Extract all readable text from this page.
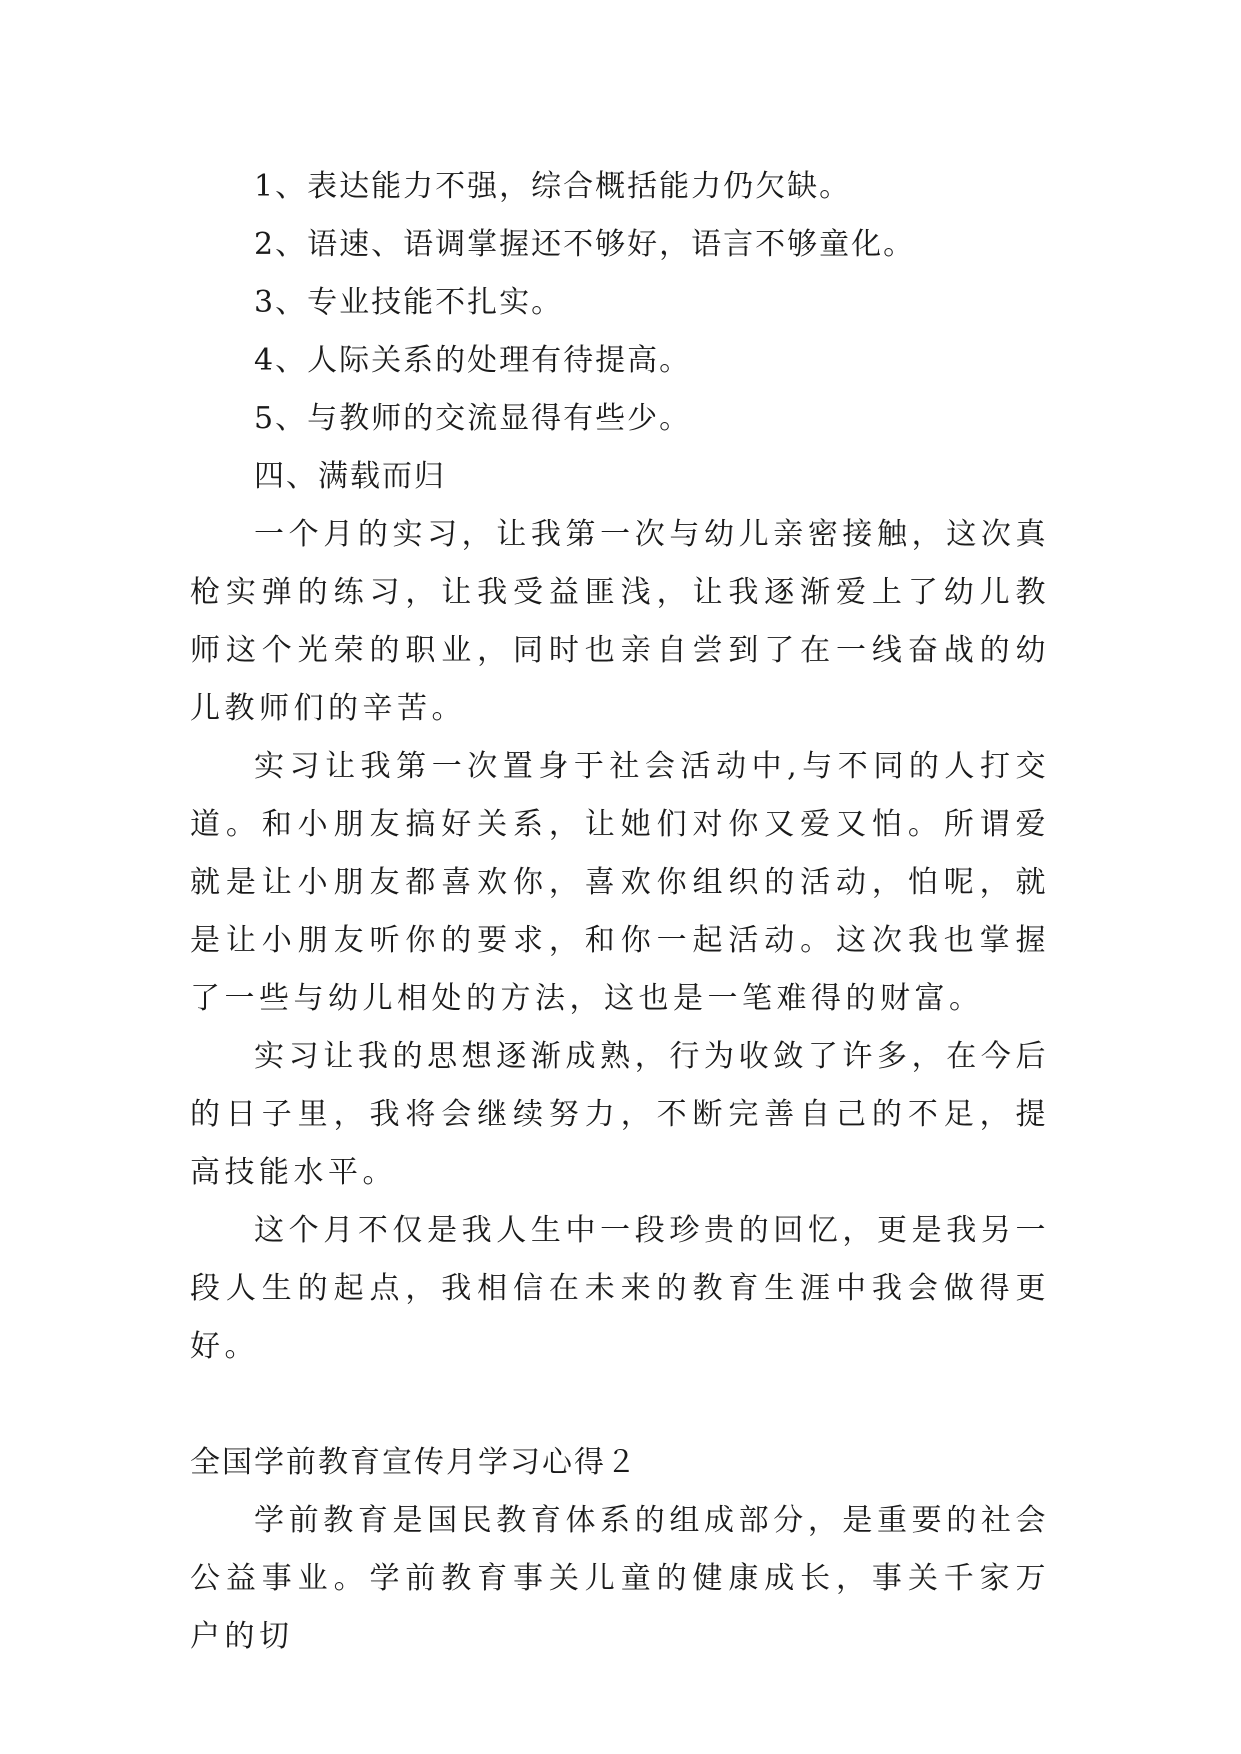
1、表达能力不强，综合概括能力仍欠缺。
2、语速、语调掌握还不够好，语言不够童化。
3、专业技能不扎实。
4、人际关系的处理有待提高。
5、与教师的交流显得有些少。
四、满载而归

一个月的实习，让我第一次与幼儿亲密接触，这次真枪实弹的练习，让我受益匪浅，让我逐渐爱上了幼儿教师这个光荣的职业，同时也亲自尝到了在一线奋战的幼儿教师们的辛苦。

实习让我第一次置身于社会活动中,与不同的人打交道。和小朋友搞好关系，让她们对你又爱又怕。所谓爱就是让小朋友都喜欢你，喜欢你组织的活动，怕呢，就是让小朋友听你的要求，和你一起活动。这次我也掌握了一些与幼儿相处的方法，这也是一笔难得的财富。

实习让我的思想逐渐成熟，行为收敛了许多，在今后的日子里，我将会继续努力，不断完善自己的不足，提高技能水平。

这个月不仅是我人生中一段珍贵的回忆，更是我另一段人生的起点，我相信在未来的教育生涯中我会做得更好。

全国学前教育宣传月学习心得２

学前教育是国民教育体系的组成部分，是重要的社会公益事业。学前教育事关儿童的健康成长，事关千家万户的切
